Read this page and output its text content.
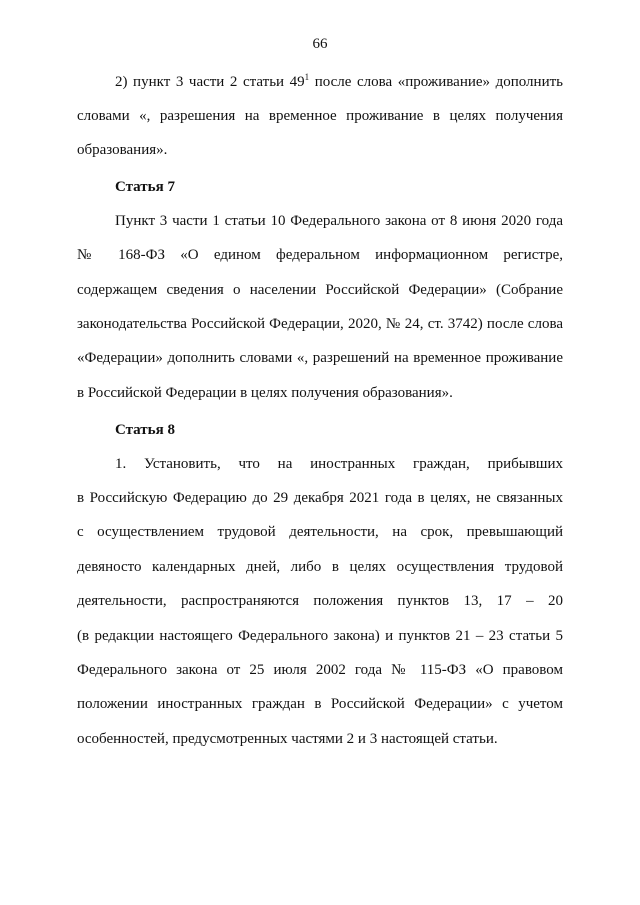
66
2) пункт 3 части 2 статьи $49^1$ после слова «проживание» дополнить
словами «, разрешения на временное проживание в целях получения
образования».
Статья 7
Пункт 3 части 1 статьи 10 Федерального закона от 8 июня 2020 года
№ 168-ФЗ «О едином федеральном информационном регистре,
содержащем сведения о населении Российской Федерации» (Собрание
законодательства Российской Федерации, 2020, № 24, ст. 3742) после слова
«Федерации» дополнить словами «, разрешений на временное проживание
в Российской Федерации в целях получения образования».
Статья 8
1. Установить, что на иностранных граждан, прибывших
в Российскую Федерацию до 29 декабря 2021 года в целях, не связанных
с осуществлением трудовой деятельности, на срок, превышающий
девяносто календарных дней, либо в целях осуществления трудовой
деятельности, распространяются положения пунктов 13, 17 – 20
(в редакции настоящего Федерального закона) и пунктов 21 – 23 статьи 5
Федерального закона от 25 июля 2002 года № 115-ФЗ «О правовом
положении иностранных граждан в Российской Федерации» с учетом
особенностей, предусмотренных частями 2 и 3 настоящей статьи.
